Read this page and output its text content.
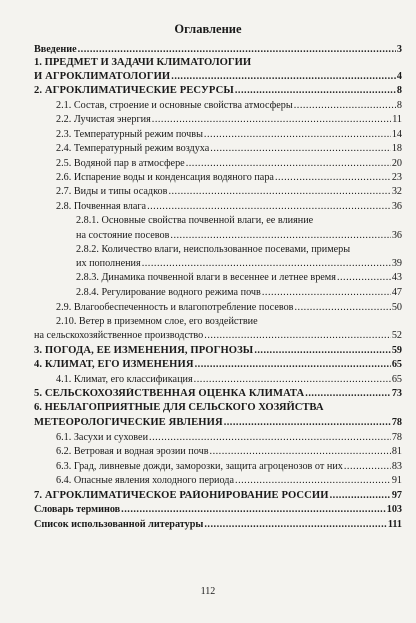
Оглавление
Введение .....	3
1. ПРЕДМЕТ И ЗАДАЧИ КЛИМАТОЛОГИИ
И АГРОКЛИМАТОЛОГИИ .....	4
2. АГРОКЛИМАТИЧЕСКИЕ РЕСУРСЫ .....	8
2.1. Состав, строение и основные свойства атмосферы .....	8
2.2. Лучистая энергия .....	11
2.3. Температурный режим почвы .....	14
2.4. Температурный режим воздуха .....	18
2.5. Водяной пар в атмосфере .....	20
2.6. Испарение воды и конденсация водяного пара .....	23
2.7. Виды и типы осадков .....	32
2.8. Почвенная влага .....	36
2.8.1. Основные свойства почвенной влаги, ее влияние
на состояние посевов .....	36
2.8.2. Количество влаги, неиспользованное посевами, примеры
их пополнения .....	39
2.8.3. Динамика почвенной влаги в весеннее и летнее время .....	43
2.8.4. Регулирование водного режима почв .....	47
2.9. Влагообеспеченность и влагопотребление посевов .....	50
2.10. Ветер в приземном слое, его воздействие
на сельскохозяйственное производство .....	52
3. ПОГОДА, ЕЕ ИЗМЕНЕНИЯ, ПРОГНОЗЫ .....	59
4. КЛИМАТ, ЕГО ИЗМЕНЕНИЯ .....	65
4.1. Климат, его классификация .....	65
5. СЕЛЬСКОХОЗЯЙСТВЕННАЯ ОЦЕНКА КЛИМАТА .....	73
6. НЕБЛАГОПРИЯТНЫЕ ДЛЯ СЕЛЬСКОГО ХОЗЯЙСТВА
МЕТЕОРОЛОГИЧЕСКИЕ ЯВЛЕНИЯ .....	78
6.1. Засухи и суховеи .....	78
6.2. Ветровая и водная эрозии почв .....	81
6.3. Град, ливневые дожди, заморозки, защита агроценозов от них .....	83
6.4. Опасные явления холодного периода .....	91
7. АГРОКЛИМАТИЧЕСКОЕ РАЙОНИРОВАНИЕ РОССИИ .....	97
Словарь терминов .....	103
Список использованной литературы .....	111
112
